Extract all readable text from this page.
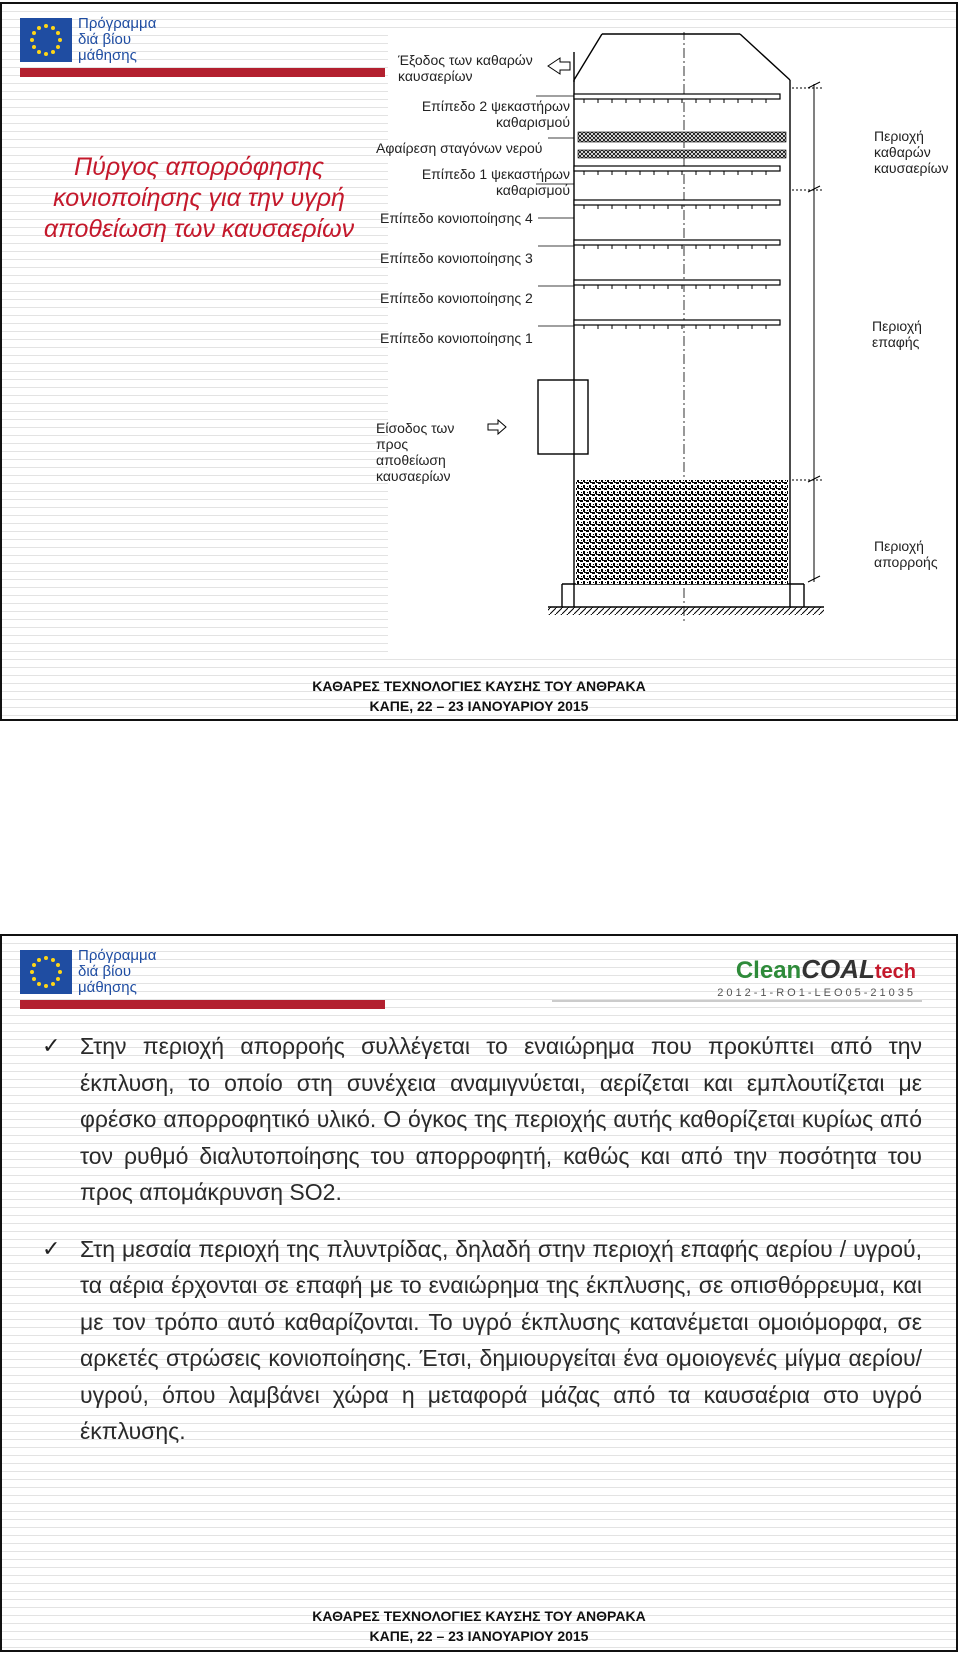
Πρόγραμμα
διά βίου
μάθησης
Πύργος απορρόφησης κονιοποίησης για την υγρή αποθείωση των καυσαερίων
Έξοδος των καθαρών
καυσαερίων
Επίπεδο 2 ψεκαστήρων
καθαρισμού
Αφαίρεση σταγόνων νερού
Επίπεδο 1 ψεκαστήρων
καθαρισμού
Επίπεδο κονιοποίησης 4
Επίπεδο κονιοποίησης 3
Επίπεδο κονιοποίησης 2
Επίπεδο κονιοποίησης 1
Είσοδος των
προς
αποθείωση
καυσαερίων
Περιοχή
καθαρών
καυσαερίων
Περιοχή
επαφής
Περιοχή
απορροής
ΚΑΘΑΡΕΣ ΤΕΧΝΟΛΟΓΙΕΣ ΚΑΥΣΗΣ ΤΟΥ ΑΝΘΡΑΚΑ
ΚΑΠΕ, 22 – 23 ΙΑΝΟΥΑΡΙΟΥ 2015
Πρόγραμμα
διά βίου
μάθησης
CleanCOALtech
2012-1-RO1-LEO05-21035
✓ Στην περιοχή απορροής συλλέγεται το εναιώρημα που προκύπτει από την έκπλυση, το οποίο στη συνέχεια αναμιγνύεται, αερίζεται και εμπλουτίζεται με φρέσκο απορροφητικό υλικό. Ο όγκος της περιοχής αυτής καθορίζεται κυρίως από τον ρυθμό διαλυτοποίησης του απορροφητή, καθώς και από την ποσότητα του προς απομάκρυνση SO2.
✓ Στη μεσαία περιοχή της πλυντρίδας, δηλαδή στην περιοχή επαφής αερίου / υγρού, τα αέρια έρχονται σε επαφή με το εναιώρημα της έκπλυσης, σε οπισθόρρευμα, και με τον τρόπο αυτό καθαρίζονται. Το υγρό έκπλυσης κατανέμεται ομοιόμορφα, σε αρκετές στρώσεις κονιοποίησης. Έτσι, δημιουργείται ένα ομοιογενές μίγμα αερίου/υγρού, όπου λαμβάνει χώρα η μεταφορά μάζας από τα καυσαέρια στο υγρό έκπλυσης.
ΚΑΘΑΡΕΣ ΤΕΧΝΟΛΟΓΙΕΣ ΚΑΥΣΗΣ ΤΟΥ ΑΝΘΡΑΚΑ
ΚΑΠΕ, 22 – 23 ΙΑΝΟΥΑΡΙΟΥ 2015
